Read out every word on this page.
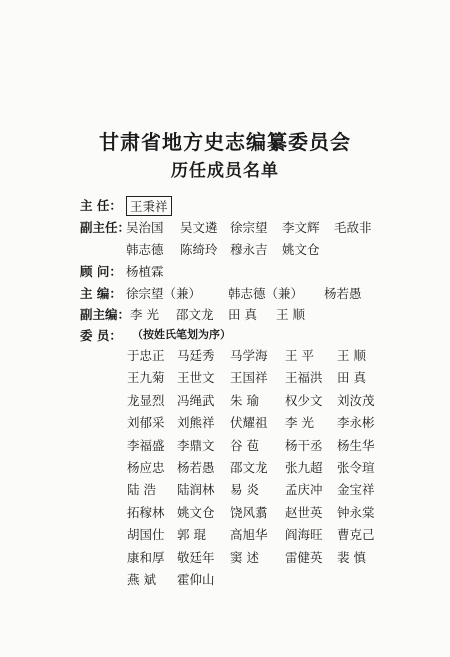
甘肃省地方史志编纂委员会
历任成员名单
主 任： 王秉祥
副主任：
吴治国 吴文遴 徐宗望 李文辉 毛敌非
韩志德 陈绮玲 穆永吉 姚文仓
顾 问： 杨植霖
主 编： 徐宗望（兼） 韩志德（兼） 杨若愚
副主编： 李 光 邵文龙 田 真 王 顺
委 员： （按姓氏笔划为序）
于忠正 马廷秀 马学海 王 平 王 顺
王九菊 王世文 王国祥 王福洪 田 真
龙显烈 冯绳武 朱 瑜 权少文 刘汝茂
刘郁采 刘熊祥 伏耀祖 李 光 李永彬
李福盛 李鼎文 谷 苞 杨干丞 杨生华
杨应忠 杨若愚 邵文龙 张九超 张令瑄
陆 浩 陆润林 易 炎 孟庆冲 金宝祥
拓稼林 姚文仓 饶风翥 赵世英 钟永棠
胡国仕 郭 琨 高旭华 阎海旺 曹克己
康和厚 敬廷年 窦 述 雷健英 裴 慎
燕 斌 霍仰山
